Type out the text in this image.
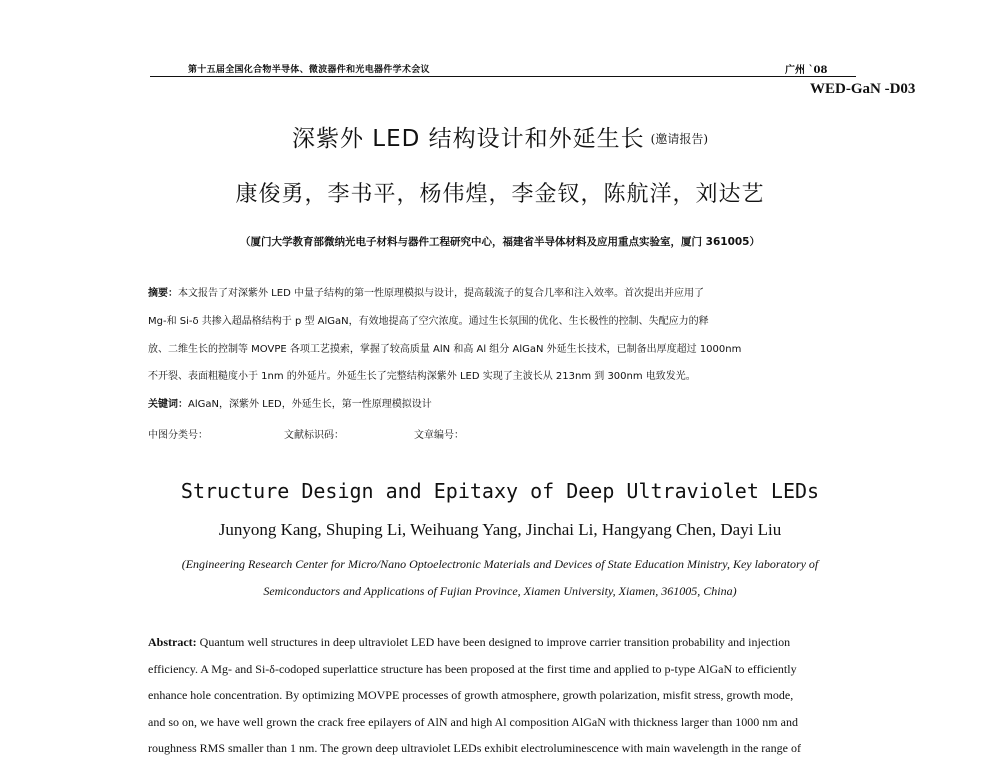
第十五届全国化合物半导体、微波器件和光电器件学术会议	广州 `08
WED-GaN -D03
深紫外 LED 结构设计和外延生长 (邀请报告)
康俊勇，李书平，杨伟煌，李金钗，陈航洋，刘达艺
（厦门大学教育部微纳光电子材料与器件工程研究中心，福建省半导体材料及应用重点实验室，厦门 361005）
摘要：本文报告了对深紫外 LED 中量子结构的第一性原理模拟与设计，提高载流子的复合几率和注入效率。首次提出并应用了
Mg-和 Si-δ 共掺入超晶格结构于 p 型 AlGaN，有效地提高了空穴浓度。通过生长氛围的优化、生长极性的控制、失配应力的释
放、二维生长的控制等 MOVPE 各项工艺摸索，掌握了较高质量 AlN 和高 Al 组分 AlGaN 外延生长技术，已制备出厚度超过 1000nm
不开裂、表面粗糙度小于 1nm 的外延片。外延生长了完整结构深紫外 LED 实现了主波长从 213nm 到 300nm 电致发光。
关键词：AlGaN，深紫外 LED，外延生长，第一性原理模拟设计
中图分类号：	文献标识码：	文章编号：
Structure Design and Epitaxy of Deep Ultraviolet LEDs
Junyong Kang, Shuping Li, Weihuang Yang, Jinchai Li, Hangyang Chen, Dayi Liu
(Engineering Research Center for Micro/Nano Optoelectronic Materials and Devices of State Education Ministry, Key laboratory of
Semiconductors and Applications of Fujian Province, Xiamen University, Xiamen, 361005, China)
Abstract: Quantum well structures in deep ultraviolet LED have been designed to improve carrier transition probability and injection
efficiency. A Mg- and Si-δ-codoped superlattice structure has been proposed at the first time and applied to p-type AlGaN to efficiently
enhance hole concentration. By optimizing MOVPE processes of growth atmosphere, growth polarization, misfit stress, growth mode,
and so on, we have well grown the crack free epilayers of AlN and high Al composition AlGaN with thickness larger than 1000 nm and
roughness RMS smaller than 1 nm. The grown deep ultraviolet LEDs exhibit electroluminescence with main wavelength in the range of
